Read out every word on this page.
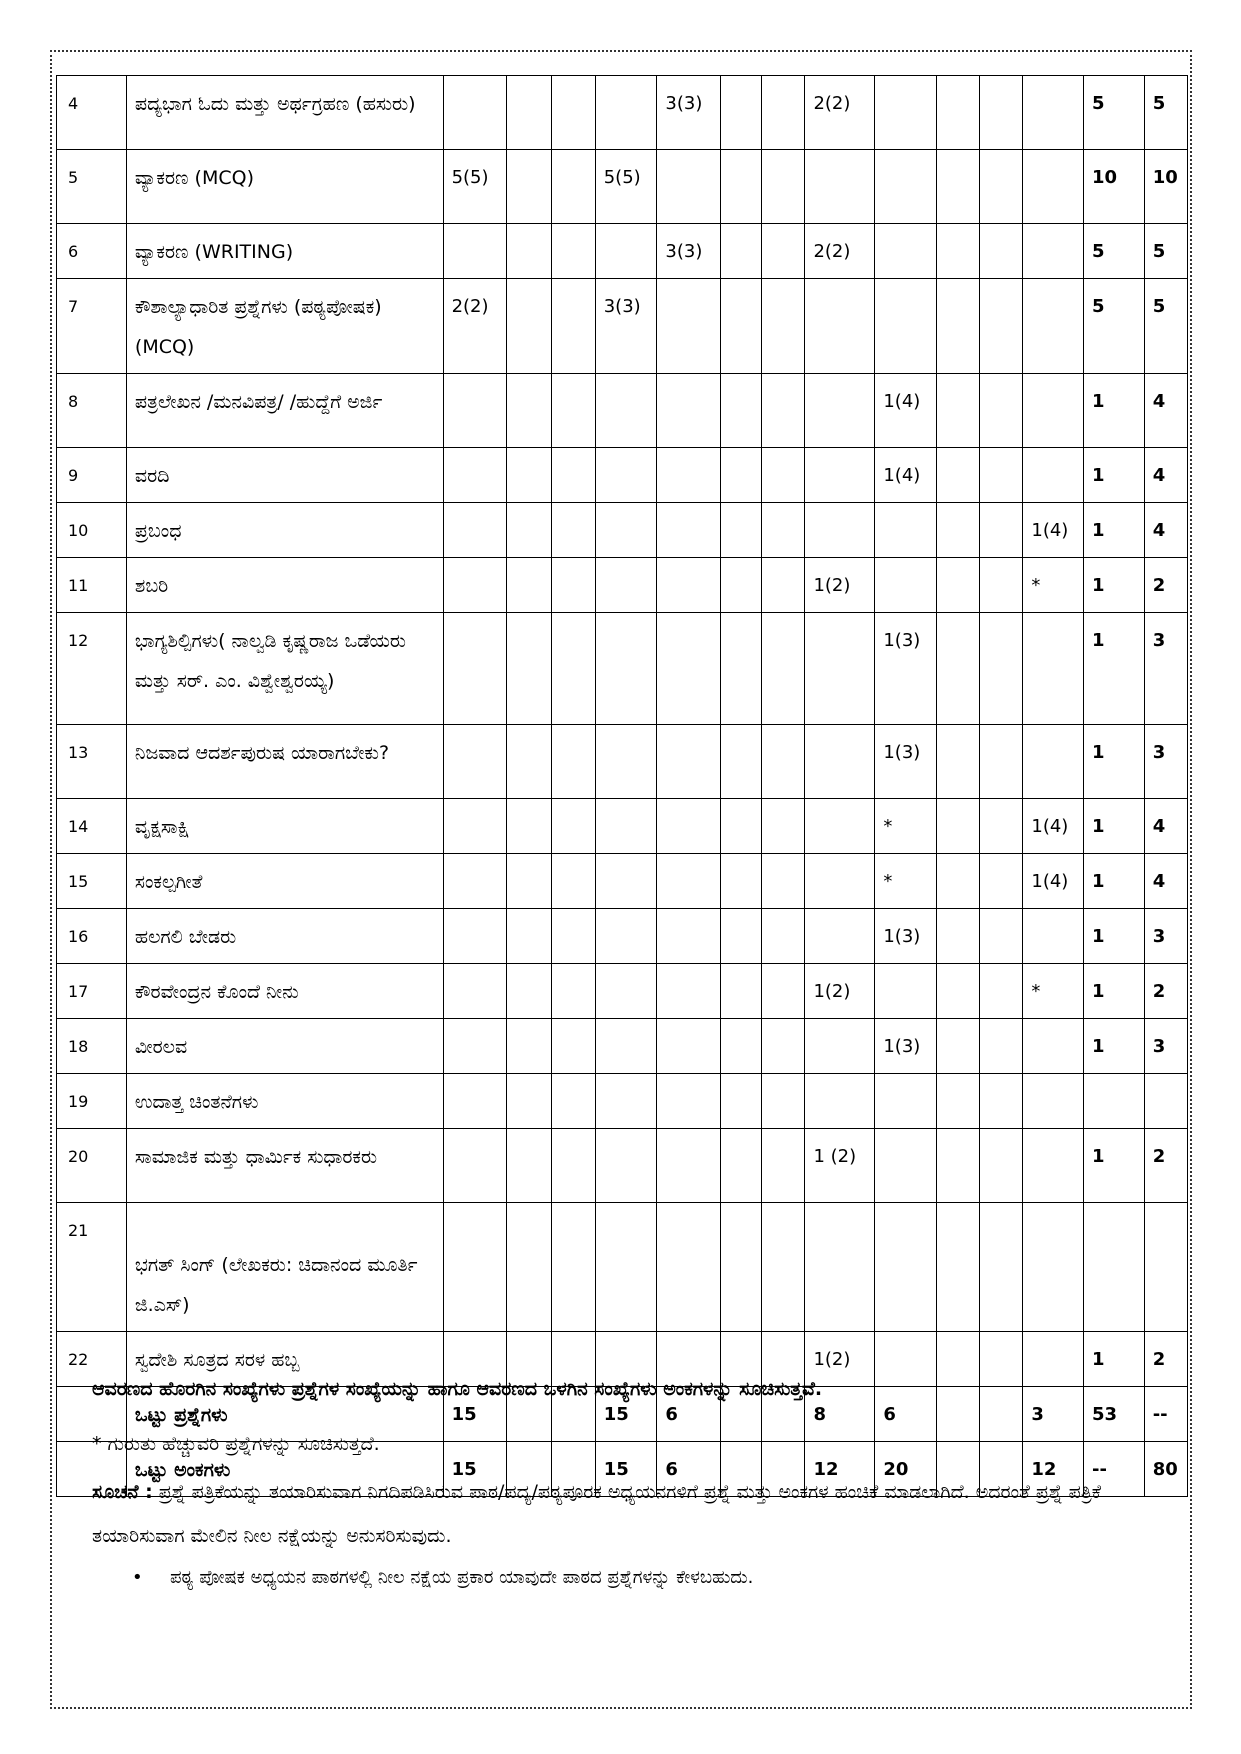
4	ಪದ್ಯಭಾಗ ಓದು ಮತ್ತು ಅರ್ಥಗ್ರಹಣ (ಹಸುರು)					3(3)			2(2)					5	5
5	ವ್ಯಾಕರಣ (MCQ)	5(5)			5(5)									10	10
6	ವ್ಯಾಕರಣ (WRITING)					3(3)			2(2)					5	5
7	ಕೌಶಾಲ್ಯಾಧಾರಿತ ಪ್ರಶ್ನೆಗಳು (ಪಠ್ಯಪೋಷಕ) (MCQ)	2(2)			3(3)									5	5
8	ಪತ್ರಲೇಖನ /ಮನವಿಪತ್ರ/ /ಹುದ್ದೆಗೆ ಅರ್ಜಿ									1(4)				1	4
9	ವರದಿ									1(4)				1	4
10	ಪ್ರಬಂಧ												1(4)	1	4
11	ಶಬರಿ								1(2)				*	1	2
12	ಭಾಗ್ಯಶಿಲ್ಪಿಗಳು( ನಾಲ್ವಡಿ ಕೃಷ್ಣರಾಜ ಒಡೆಯರು ಮತ್ತು ಸರ್. ಎಂ. ವಿಶ್ವೇಶ್ವರಯ್ಯ)									1(3)				1	3
13	ನಿಜವಾದ ಆದರ್ಶಪುರುಷ ಯಾರಾಗಬೇಕು?									1(3)				1	3
14	ವೃಕ್ಷಸಾಕ್ಷಿ									*			1(4)	1	4
15	ಸಂಕಲ್ಪಗೀತೆ									*			1(4)	1	4
16	ಹಲಗಲಿ ಬೇಡರು									1(3)				1	3
17	ಕೌರವೇಂದ್ರನ ಕೊಂದೆ ನೀನು								1(2)				*	1	2
18	ವೀರಲವ									1(3)				1	3
19	ಉದಾತ್ತ ಚಿಂತನೆಗಳು														
20	ಸಾಮಾಜಿಕ ಮತ್ತು ಧಾರ್ಮಿಕ ಸುಧಾರಕರು								1 (2)					1	2
21	ಭಗತ್ ಸಿಂಗ್ (ಲೇಖಕರು: ಚಿದಾನಂದ ಮೂರ್ತಿ ಜಿ.ಎಸ್)														
22	ಸ್ವದೇಶಿ ಸೂತ್ರದ ಸರಳ ಹಬ್ಬ								1(2)					1	2
	ಒಟ್ಟು ಪ್ರಶ್ನೆಗಳು	15			15	6			8	6			3	53	--
	ಒಟ್ಟು ಅಂಕಗಳು	15			15	6			12	20			12	--	80

ಆವರಣದ ಹೊರಗಿನ ಸಂಖ್ಯೆಗಳು ಪ್ರಶ್ನೆಗಳ ಸಂಖ್ಯೆಯನ್ನು ಹಾಗೂ ಆವರಣದ ಒಳಗಿನ ಸಂಖ್ಯೆಗಳು ಅಂಕಗಳನ್ನು ಸೂಚಿಸುತ್ತವೆ.

* ಗುರುತು ಹೆಚ್ಚುವರಿ ಪ್ರಶ್ನೆಗಳನ್ನು ಸೂಚಿಸುತ್ತದೆ.

ಸೂಚನೆ : ಪ್ರಶ್ನೆ ಪತ್ರಿಕೆಯನ್ನು ತಯಾರಿಸುವಾಗ ನಿಗದಿಪಡಿಸಿರುವ ಪಾಠ/ಪದ್ಯ/ಪಠ್ಯಪೂರಕ ಅಧ್ಯಯನಗಳಿಗೆ ಪ್ರಶ್ನೆ ಮತ್ತು ಅಂಕಗಳ ಹಂಚಿಕೆ ಮಾಡಲಾಗಿದೆ. ಅದರಂತೆ ಪ್ರಶ್ನೆ ಪತ್ರಿಕೆ ತಯಾರಿಸುವಾಗ ಮೇಲಿನ ನೀಲ ನಕ್ಷೆಯನ್ನು ಅನುಸರಿಸುವುದು.

• ಪಠ್ಯ ಪೋಷಕ ಅಧ್ಯಯನ ಪಾಠಗಳಲ್ಲಿ ನೀಲ ನಕ್ಷೆಯ ಪ್ರಕಾರ ಯಾವುದೇ ಪಾಠದ ಪ್ರಶ್ನೆಗಳನ್ನು ಕೇಳಬಹುದು.
